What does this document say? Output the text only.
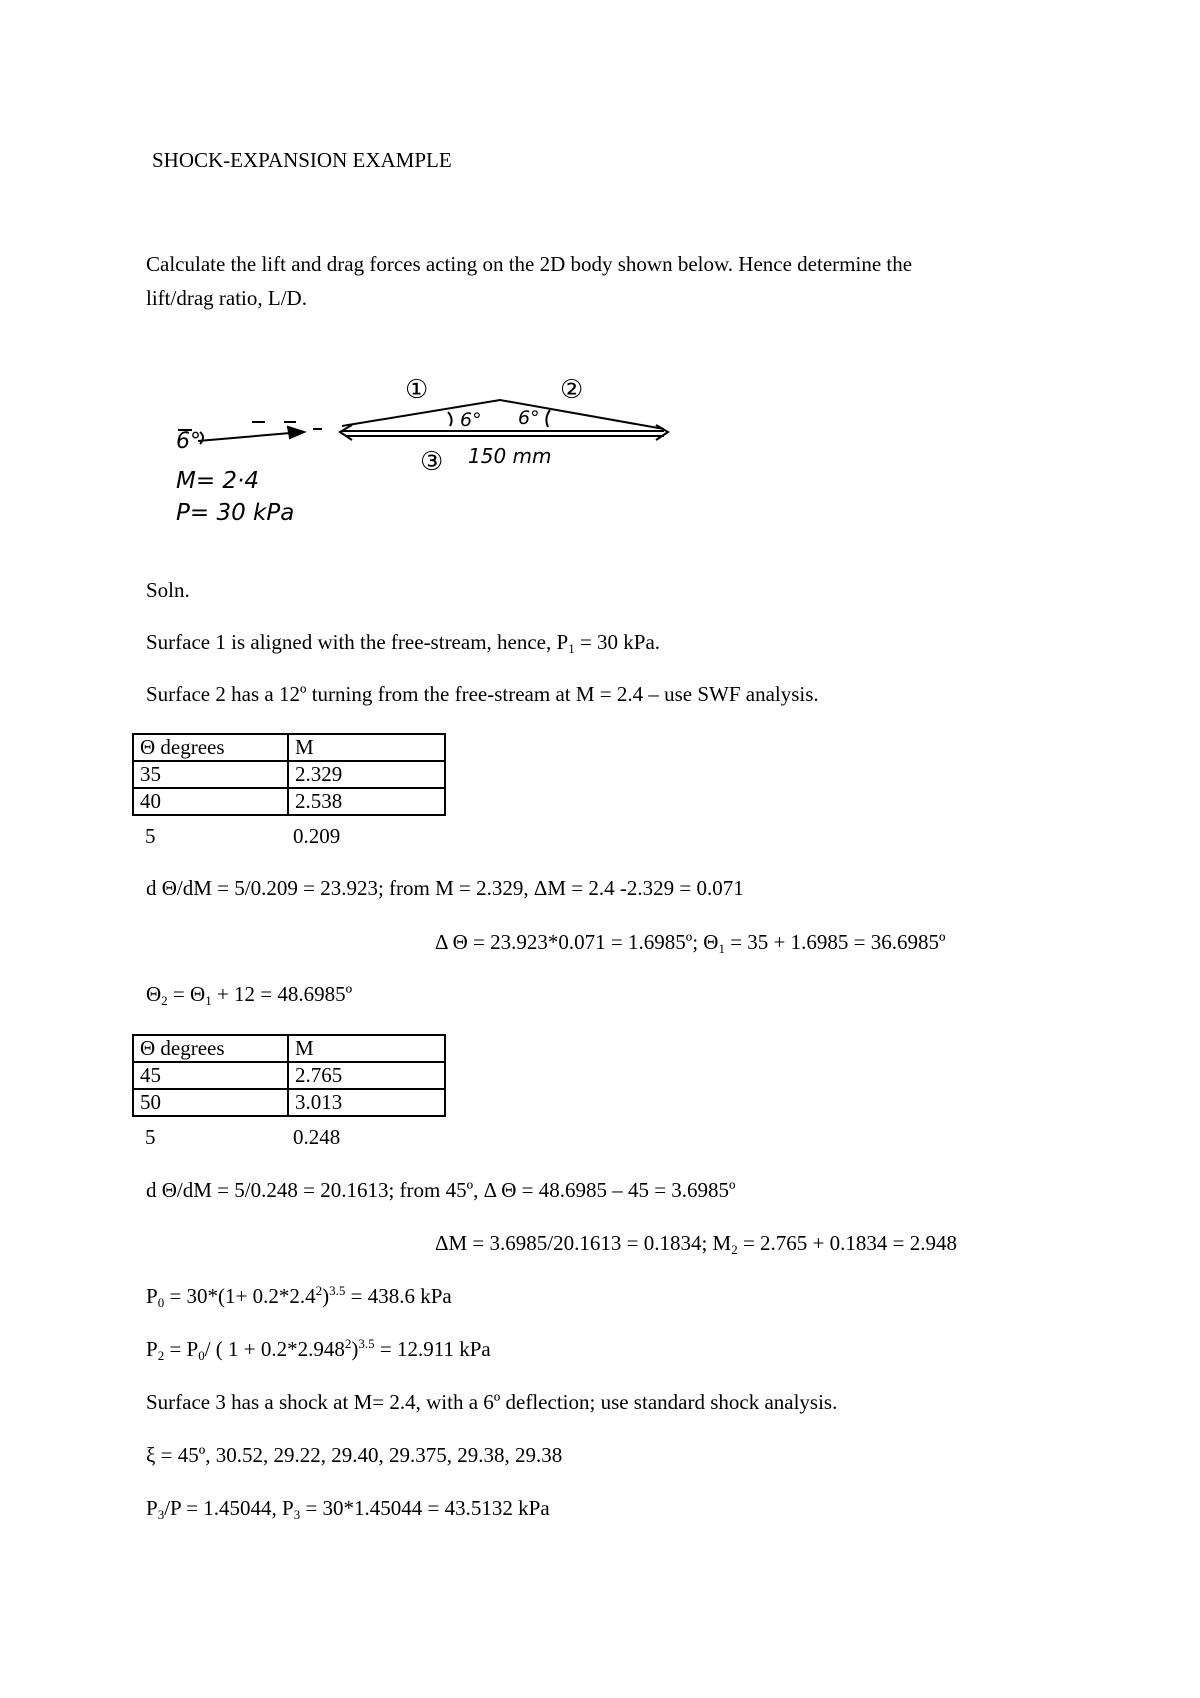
SHOCK-EXPANSION EXAMPLE
Calculate the lift and drag forces acting on the 2D body shown below. Hence determine the
lift/drag ratio, L/D.
6°
6° 6°
①	②
③ 150 mm
M= 2·4
P= 30 kPa
Soln.
Surface 1 is aligned with the free-stream, hence, $P_1 = 30$ kPa.
Surface 2 has a 12º turning from the free-stream at M = 2.4 – use SWF analysis.
Θ degrees	M
35	2.329
40	2.538
5	0.209
d Θ/dM = 5/0.209 = 23.923; from M = 2.329, ΔM = 2.4 -2.329 = 0.071
Δ Θ = 23.923*0.071 = 1.6985º; $\Theta_1 = 35 + 1.6985$ = 36.6985º
$\Theta_2 = \Theta_1 + 12$ = 48.6985º
Θ degrees	M
45	2.765
50	3.013
5	0.248
d Θ/dM = 5/0.248 = 20.1613; from 45º, Δ Θ = 48.6985 – 45 = 3.6985º
ΔM = 3.6985/20.1613 = 0.1834; $M_2 = 2.765 + 0.1834 = 2.948$
$P_0 = 30*(1+ 0.2*2.4^2)^{3.5} = 438.6$ kPa
$P_2 = P_0/$ ( $1 + 0.2*2.948^2)^{3.5} = 12.911$ kPa
Surface 3 has a shock at M= 2.4, with a 6º deflection; use standard shock analysis.
ξ = 45º, 30.52, 29.22, 29.40, 29.375, 29.38, 29.38
$P_3/P = 1.45044$, $P_3 = 30*1.45044 = 43.5132$ kPa
